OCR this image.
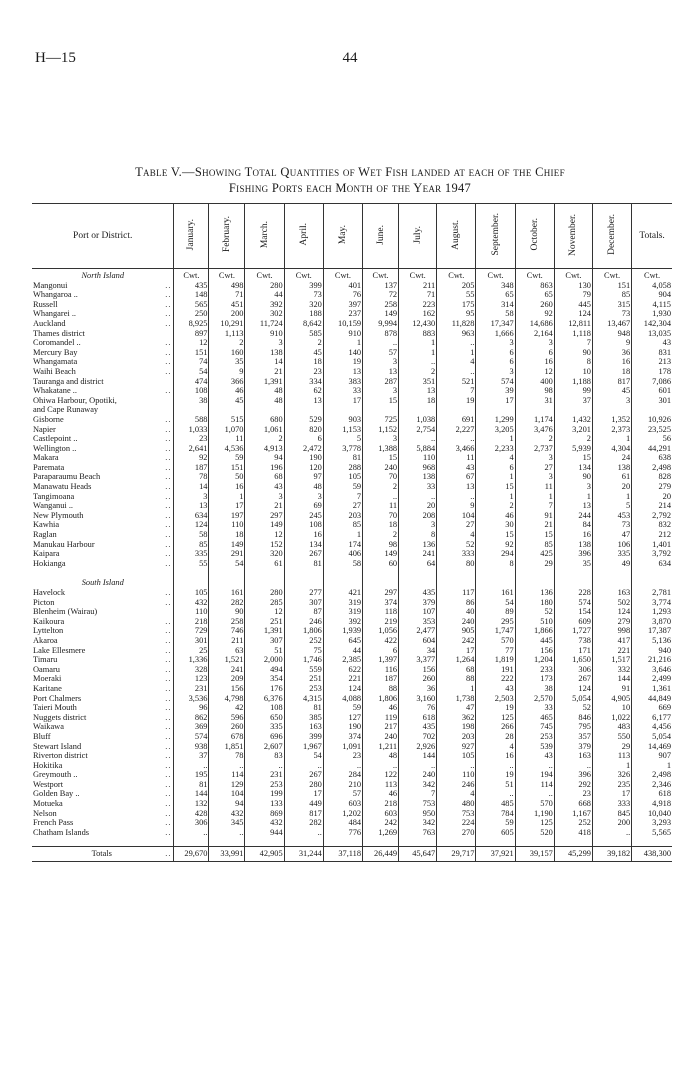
H—15	44
Table V.—Showing Total Quantities of Wet Fish landed at each of the Chief
Fishing Ports each Month of the Year 1947
Port or District.	January.	February.	March.	April.	May.	June.	July.	August.	September.	October.	November.	December.	Totals.
North Island	Cwt.	Cwt.	Cwt.	Cwt.	Cwt.	Cwt.	Cwt.	Cwt.	Cwt.	Cwt.	Cwt.	Cwt.	Cwt.
Mangonui ..	435	498	280	399	401	137	211	205	348	863	130	151	4,058
Whangaroa .. ..	148	71	44	73	76	72	71	55	65	65	79	85	904
Russell ..	565	451	392	320	397	258	223	175	314	260	445	315	4,115
Whangarei .. ..	250	200	302	188	237	149	162	95	58	92	124	73	1,930
Auckland ..	8,925	10,291	11,724	8,642	10,159	9,994	12,430	11,828	17,347	14,686	12,811	13,467	142,304
Thames district	897	1,113	910	585	910	878	883	963	1,666	2,164	1,118	948	13,035
Coromandel .. ..	12	2	3	2	1	..	1	..	3	3	7	9	43
Mercury Bay ..	151	160	138	45	140	57	1	1	6	6	90	36	831
Whangamata ..	74	35	14	18	19	3	..	4	6	16	8	16	213
Waihi Beach ..	54	9	21	23	13	13	2	..	3	12	10	18	178
Tauranga and district	474	366	1,391	334	383	287	351	521	574	400	1,188	817	7,086
Whakatane .. ..	108	46	48	62	33	3	13	7	39	98	99	45	601
Ohiwa Harbour, Opotiki,	38	45	48	13	17	15	18	19	17	31	37	3	301
and Cape Runaway

Gisborne ..	588	515	680	529	903	725	1,038	691	1,299	1,174	1,432	1,352	10,926
Napier ..	1,033	1,070	1,061	820	1,153	1,152	2,754	2,227	3,205	3,476	3,201	2,373	23,525
Castlepoint .. ..	23	11	2	6	5	3	..	..	1	2	2	1	56
Wellington .. ..	2,641	4,536	4,913	2,472	3,778	1,388	5,884	3,466	2,233	2,737	5,939	4,304	44,291
Makara ..	92	59	94	190	81	15	110	11	4	3	15	24	638
Paremata ..	187	151	196	120	288	240	968	43	6	27	134	138	2,498
Paraparaumu Beach ..	78	50	68	97	105	70	138	67	1	3	90	61	828
Manawatu Heads ..	14	16	43	48	59	2	33	13	15	11	3	20	279
Tangimoana ..	3	1	3	3	7	..	..	..	1	1	1	1	20
Wanganui .. ..	13	17	21	69	27	11	20	9	2	7	13	5	214
New Plymouth ..	634	197	297	245	203	70	208	104	46	91	244	453	2,792
Kawhia ..	124	110	149	108	85	18	3	27	30	21	84	73	832
Raglan ..	58	18	12	16	1	2	8	4	15	15	16	47	212
Manukau Harbour ..	85	149	152	134	174	98	136	52	92	85	138	106	1,401
Kaipara ..	335	291	320	267	406	149	241	333	294	425	396	335	3,792
Hokianga ..	55	54	61	81	58	60	64	80	8	29	35	49	634

South Island													
Havelock ..	105	161	280	277	421	297	435	117	161	136	228	163	2,781
Picton ..	432	282	285	307	319	374	379	86	54	180	574	502	3,774
Blenheim (Wairau)	110	90	12	87	319	118	107	40	89	52	154	124	1,293
Kaikoura ..	218	258	251	246	392	219	353	240	295	510	609	279	3,870
Lyttelton ..	729	746	1,391	1,806	1,939	1,056	2,477	905	1,747	1,866	1,727	998	17,387
Akaroa ..	301	211	307	252	645	422	604	242	570	445	738	417	5,136
Lake Ellesmere ..	25	63	51	75	44	6	34	17	77	156	171	221	940
Timaru ..	1,336	1,521	2,000	1,746	2,385	1,397	3,377	1,264	1,819	1,204	1,650	1,517	21,216
Oamaru ..	328	241	494	559	622	116	156	68	191	233	306	332	3,646
Moeraki ..	123	209	354	251	221	187	260	88	222	173	267	144	2,499
Karitane ..	231	156	176	253	124	88	36	1	43	38	124	91	1,361
Port Chalmers ..	3,536	4,798	6,376	4,315	4,088	1,806	3,160	1,738	2,503	2,570	5,054	4,905	44,849
Taieri Mouth ..	96	42	108	81	59	46	76	47	19	33	52	10	669
Nuggets district ..	862	596	650	385	127	119	618	362	125	465	846	1,022	6,177
Waikawa ..	369	260	335	163	190	217	435	198	266	745	795	483	4,456
Bluff ..	574	678	696	399	374	240	702	203	28	253	357	550	5,054
Stewart Island ..	938	1,851	2,607	1,967	1,091	1,211	2,926	927	4	539	379	29	14,469
Riverton district ..	37	78	83	54	23	48	144	105	16	43	163	113	907
Hokitika ..	..	..	..	..	..	..	..	..	..	..	..	1	1
Greymouth .. ..	195	114	231	267	284	122	240	110	19	194	396	326	2,498
Westport ..	81	129	253	280	210	113	342	246	51	114	292	235	2,346
Golden Bay .. ..	144	104	199	17	57	46	7	4	..	..	23	17	618
Motueka ..	132	94	133	449	603	218	753	480	485	570	668	333	4,918
Nelson ..	428	432	869	817	1,202	603	950	753	784	1,190	1,167	845	10,040
French Pass ..	306	345	432	282	484	242	342	224	59	125	252	200	3,293
Chatham Islands ..	..	..	944	..	776	1,269	763	270	605	520	418	..	5,565

Totals ..	29,670	33,991	42,905	31,244	37,118	26,449	45,647	29,717	37,921	39,157	45,299	39,182	438,300
